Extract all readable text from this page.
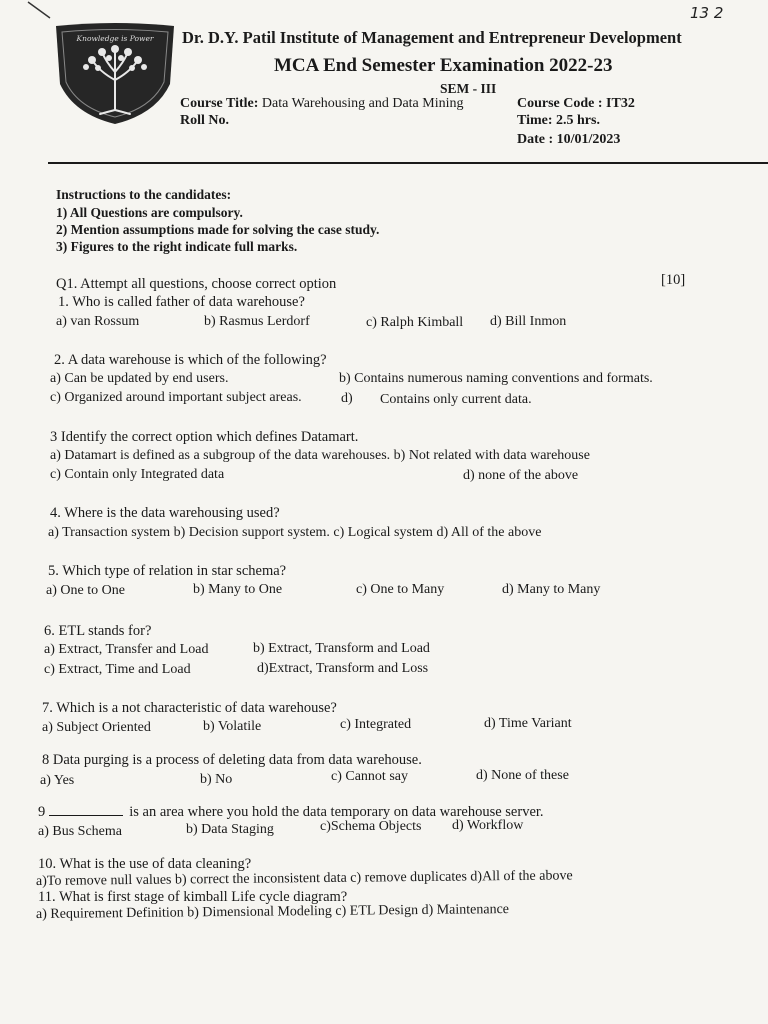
13 2
Knowledge is Power Dr. D.Y. Patil Institute of Management and Entrepreneur Development
MCA End Semester Examination 2022-23
SEM - III
Course Title: Data Warehousing and Data Mining	Course Code : IT32
Roll No.	Time: 2.5 hrs.
Date : 10/01/2023
Instructions to the candidates:
1) All Questions are compulsory.
2) Mention assumptions made for solving the case study.
3) Figures to the right indicate full marks.
Q1. Attempt all questions, choose correct option	[10]
1. Who is called father of data warehouse?
a) van Rossum	b) Rasmus Lerdorf	c) Ralph Kimball d) Bill Inmon
2. A data warehouse is which of the following?
a) Can be updated by end users.	b) Contains numerous naming conventions and formats.
c) Organized around important subject areas.	d) Contains only current data.
3 Identify the correct option which defines Datamart.
a) Datamart is defined as a subgroup of the data warehouses. b) Not related with data warehouse
c) Contain only Integrated data	d) none of the above
4. Where is the data warehousing used?
a) Transaction system b) Decision support system. c) Logical system d) All of the above
5. Which type of relation in star schema?
a) One to One	b) Many to One	c) One to Many	d) Many to Many
6. ETL stands for?
a) Extract, Transfer and Load	b) Extract, Transform and Load
c) Extract, Time and Load	d)Extract, Transform and Loss
7. Which is a not characteristic of data warehouse?
a) Subject Oriented	b) Volatile	c) Integrated	d) Time Variant
8 Data purging is a process of deleting data from data warehouse.
a) Yes	b) No	c) Cannot say	d) None of these
9	is an area where you hold the data temporary on data warehouse server.
a) Bus Schema	b) Data Staging	c)Schema Objects d) Workflow
10. What is the use of data cleaning?
a)To remove null values b) correct the inconsistent data c) remove duplicates d)All of the above
11. What is first stage of kimball Life cycle diagram?
a) Requirement Definition b) Dimensional Modeling c) ETL Design d) Maintenance
